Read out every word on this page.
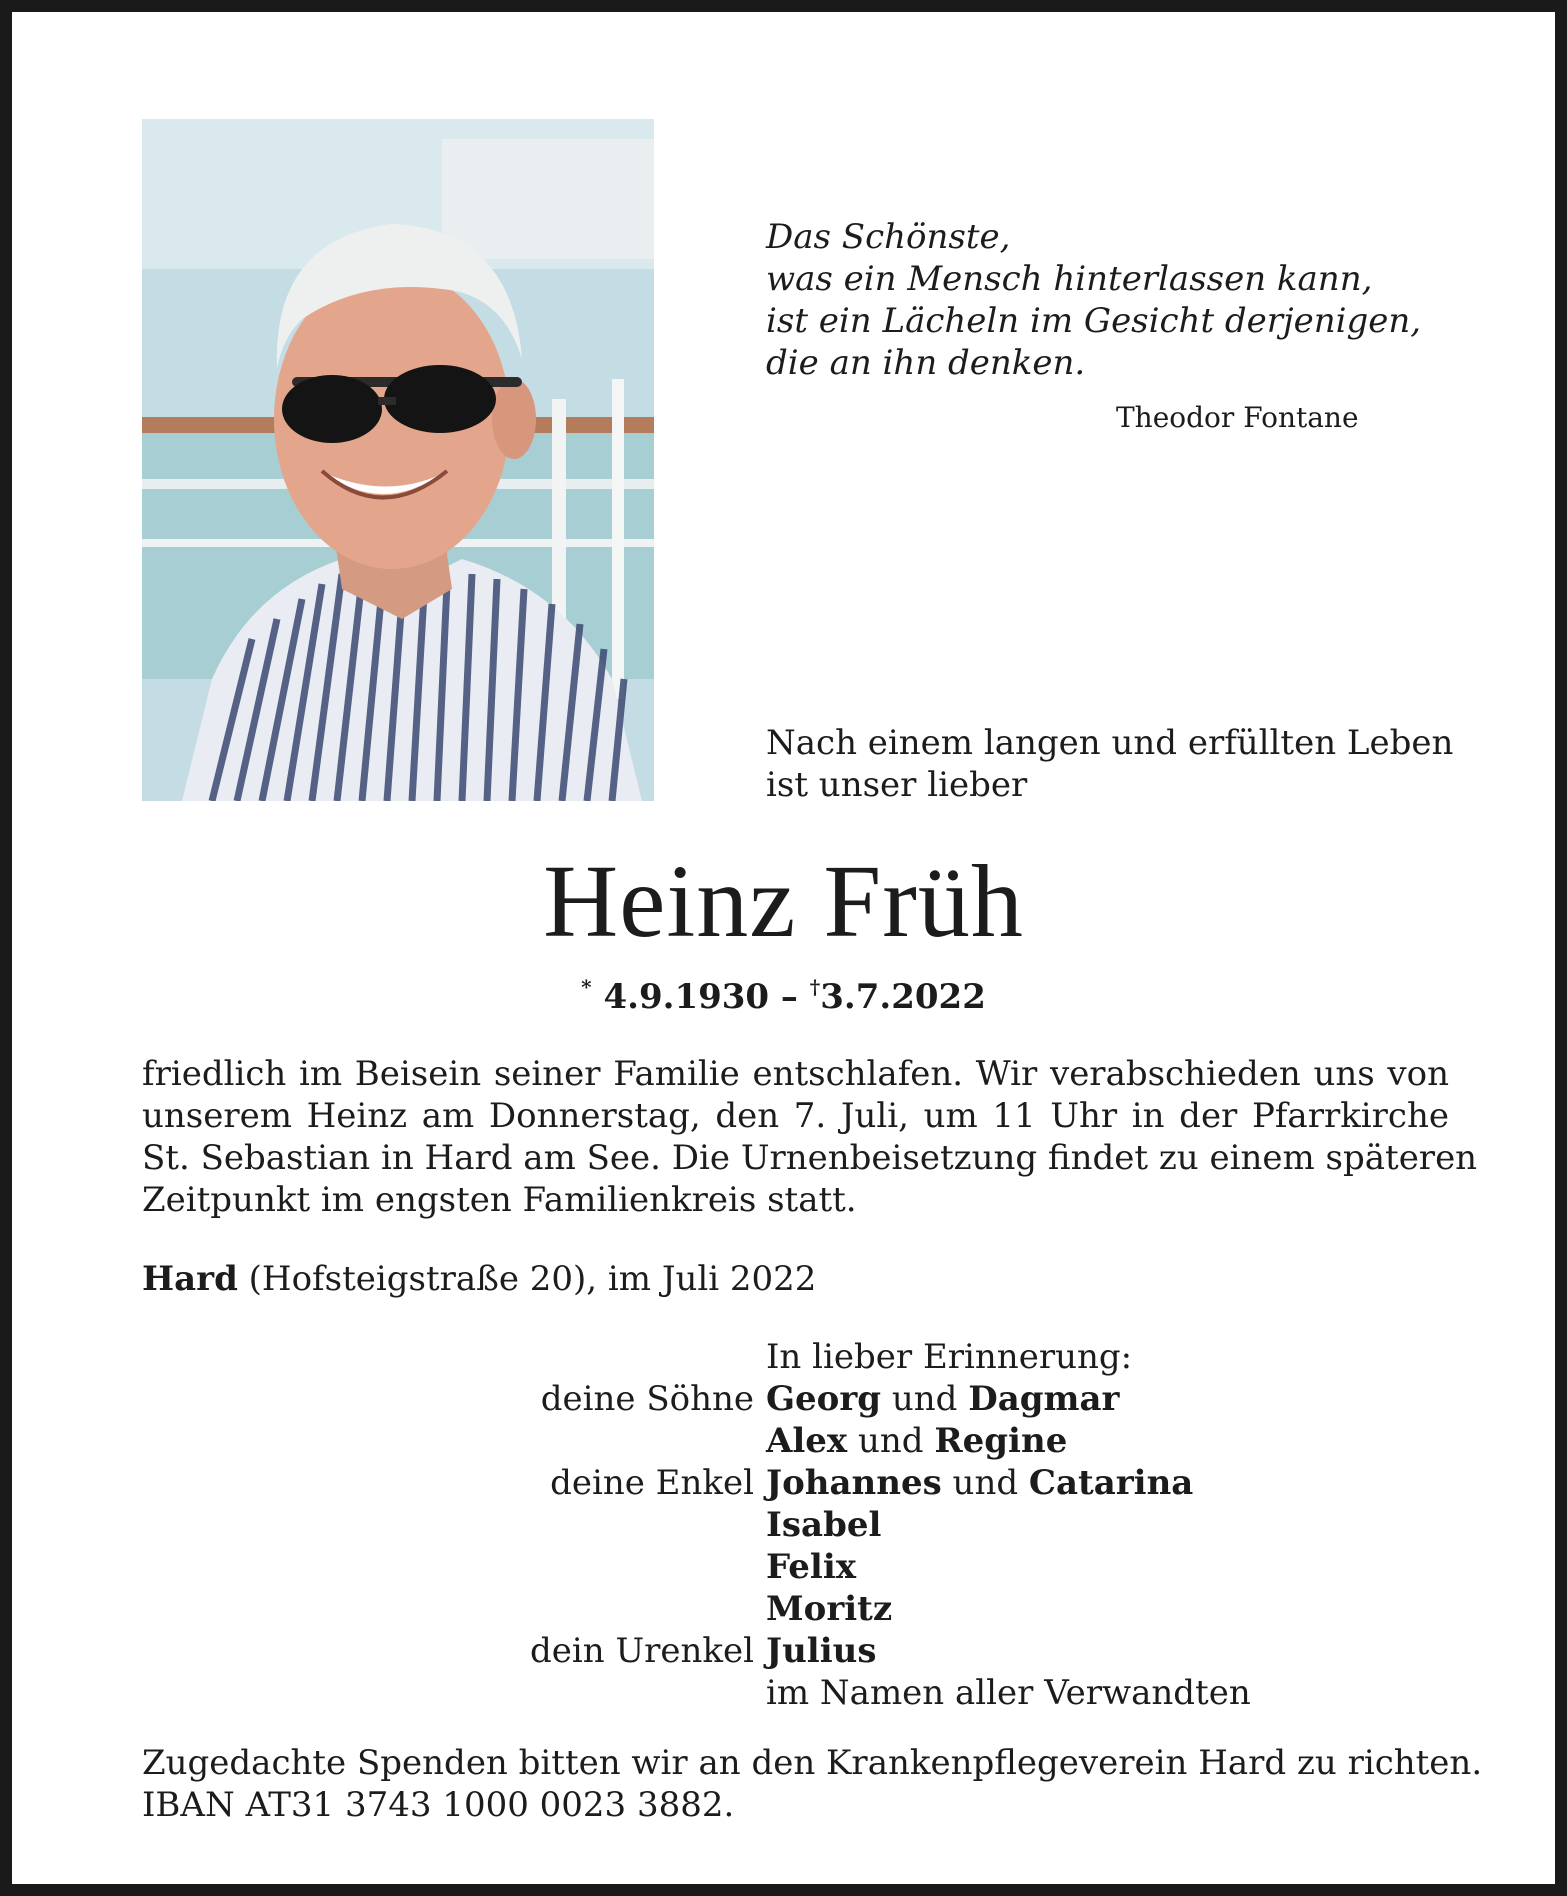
Das Schönste,
was ein Mensch hinterlassen kann,
ist ein Lächeln im Gesicht derjenigen,
die an ihn denken.
Theodor Fontane
Nach einem langen und erfüllten Leben
ist unser lieber
Heinz Früh
* 4.9.1930 – †3.7.2022
friedlich im Beisein seiner Familie entschlafen. Wir verabschieden uns von
unserem Heinz am Donnerstag, den 7. Juli, um 11 Uhr in der Pfarrkirche
St. Sebastian in Hard am See. Die Urnenbeisetzung findet zu einem späteren
Zeitpunkt im engsten Familienkreis statt.
Hard (Hofsteigstraße 20), im Juli 2022
In lieber Erinnerung:
deine Söhne Georg und Dagmar
Alex und Regine
deine Enkel Johannes und Catarina
Isabel
Felix
Moritz
dein Urenkel Julius
im Namen aller Verwandten
Zugedachte Spenden bitten wir an den Krankenpflegeverein Hard zu richten.
IBAN AT31 3743 1000 0023 3882.
